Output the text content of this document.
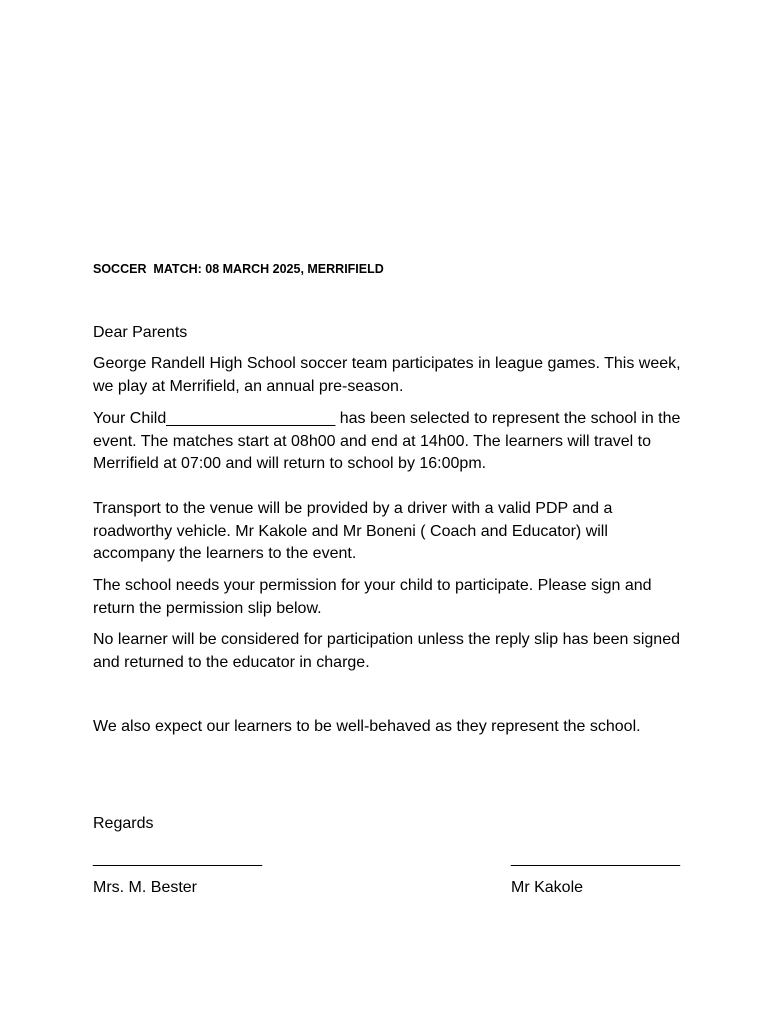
SOCCER  MATCH: 08 MARCH 2025, MERRIFIELD

Dear Parents

George Randell High School soccer team participates in league games. This week, we play at Merrifield, an annual pre-season.

Your Child___________________ has been selected to represent the school in the event. The matches start at 08h00 and end at 14h00. The learners will travel to Merrifield at 07:00 and will return to school by 16:00pm.

Transport to the venue will be provided by a driver with a valid PDP and a roadworthy vehicle. Mr Kakole and Mr Boneni ( Coach and Educator) will accompany the learners to the event.

The school needs your permission for your child to participate. Please sign and return the permission slip below.

No learner will be considered for participation unless the reply slip has been signed and returned to the educator in charge.

We also expect our learners to be well-behaved as they represent the school.

Regards

___________________	___________________
Mrs. M. Bester	Mr Kakole
